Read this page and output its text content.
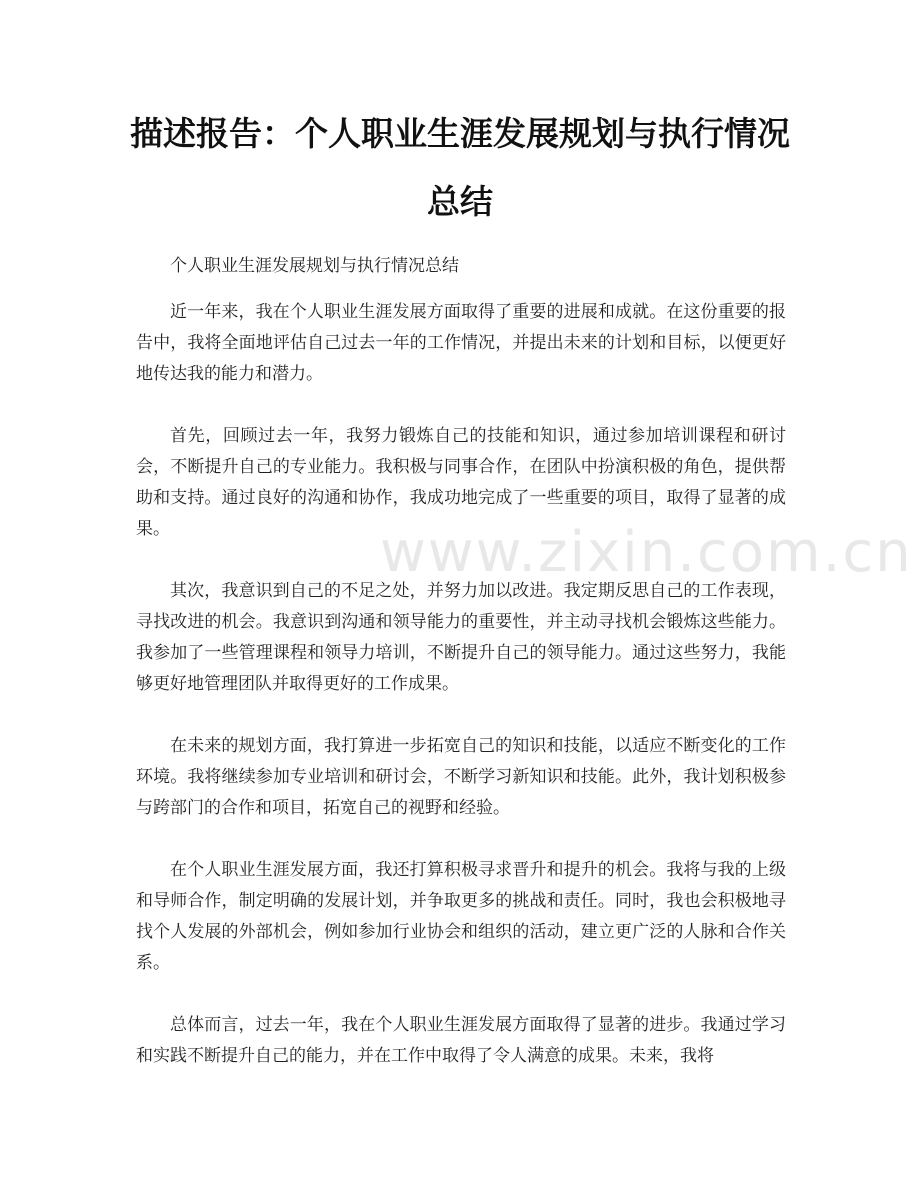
描述报告：个人职业生涯发展规划与执行情况总结

个人职业生涯发展规划与执行情况总结

近一年来，我在个人职业生涯发展方面取得了重要的进展和成就。在这份重要的报告中，我将全面地评估自己过去一年的工作情况，并提出未来的计划和目标，以便更好地传达我的能力和潜力。

首先，回顾过去一年，我努力锻炼自己的技能和知识，通过参加培训课程和研讨会，不断提升自己的专业能力。我积极与同事合作，在团队中扮演积极的角色，提供帮助和支持。通过良好的沟通和协作，我成功地完成了一些重要的项目，取得了显著的成果。

其次，我意识到自己的不足之处，并努力加以改进。我定期反思自己的工作表现，寻找改进的机会。我意识到沟通和领导能力的重要性，并主动寻找机会锻炼这些能力。我参加了一些管理课程和领导力培训，不断提升自己的领导能力。通过这些努力，我能够更好地管理团队并取得更好的工作成果。

在未来的规划方面，我打算进一步拓宽自己的知识和技能，以适应不断变化的工作环境。我将继续参加专业培训和研讨会，不断学习新知识和技能。此外，我计划积极参与跨部门的合作和项目，拓宽自己的视野和经验。

在个人职业生涯发展方面，我还打算积极寻求晋升和提升的机会。我将与我的上级和导师合作，制定明确的发展计划，并争取更多的挑战和责任。同时，我也会积极地寻找个人发展的外部机会，例如参加行业协会和组织的活动，建立更广泛的人脉和合作关系。

总体而言，过去一年，我在个人职业生涯发展方面取得了显著的进步。我通过学习和实践不断提升自己的能力，并在工作中取得了令人满意的成果。未来，我将

www.zixin.com.cn
